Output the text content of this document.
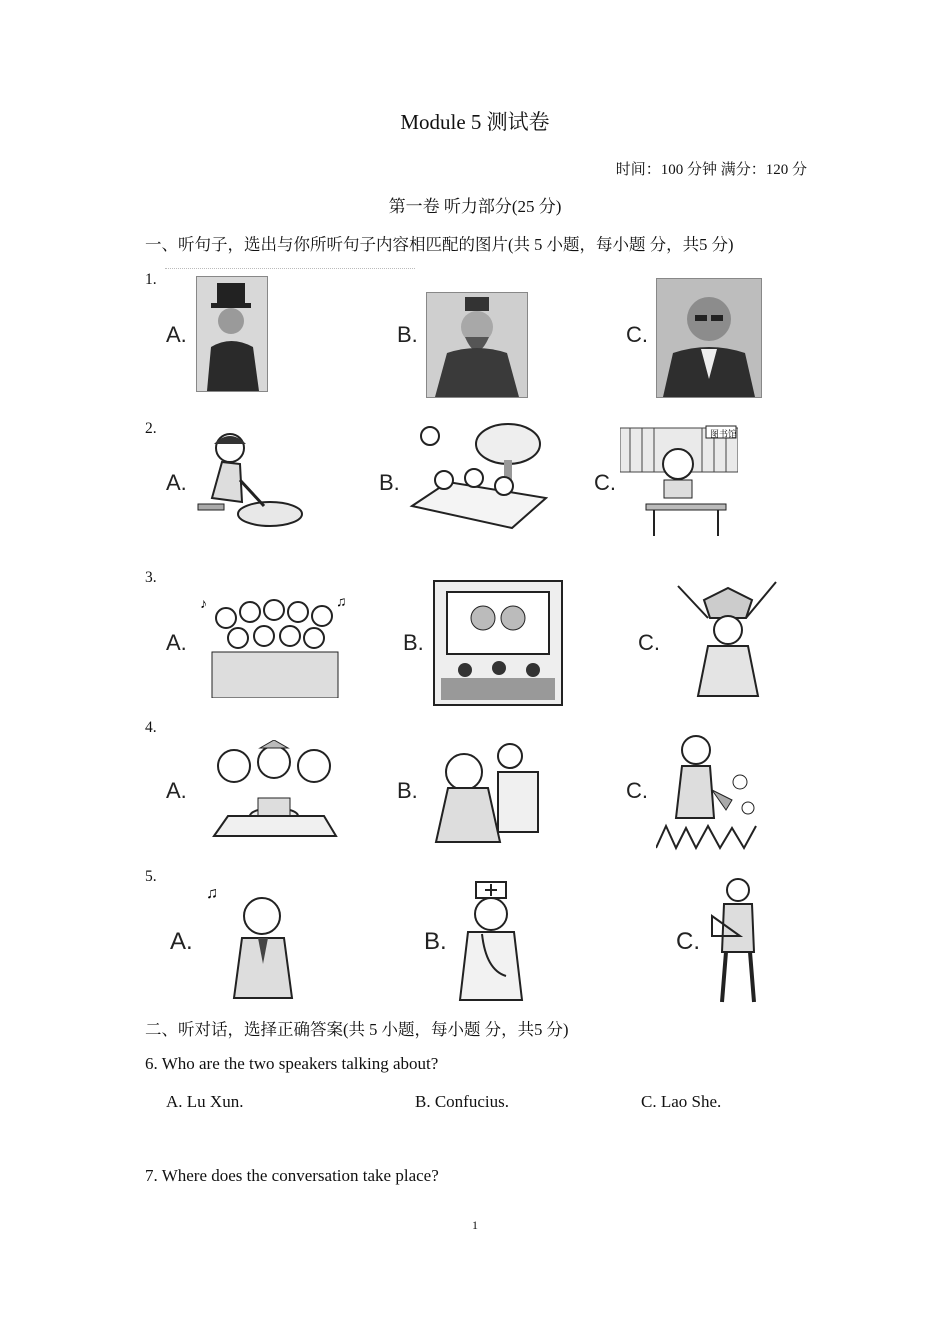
Module 5 测试卷
时间：100 分钟 满分：120 分
第一卷 听力部分(25 分)
一、听句子，选出与你所听句子内容相匹配的图片(共 5 小题，每小题 分，共5 分)
1.
A.	B.	C.
2.
A.	B.	C.
图书馆
3.
A.
♪	♫
B.	C.
4.
A.	B.	C.
5.
A.
♫
B.	C.
二、听对话，选择正确答案(共 5 小题，每小题 分，共5 分)
6. Who are the two speakers talking about?
A. Lu Xun.	B. Confucius.	C. Lao She.
7. Where does the conversation take place?
1
